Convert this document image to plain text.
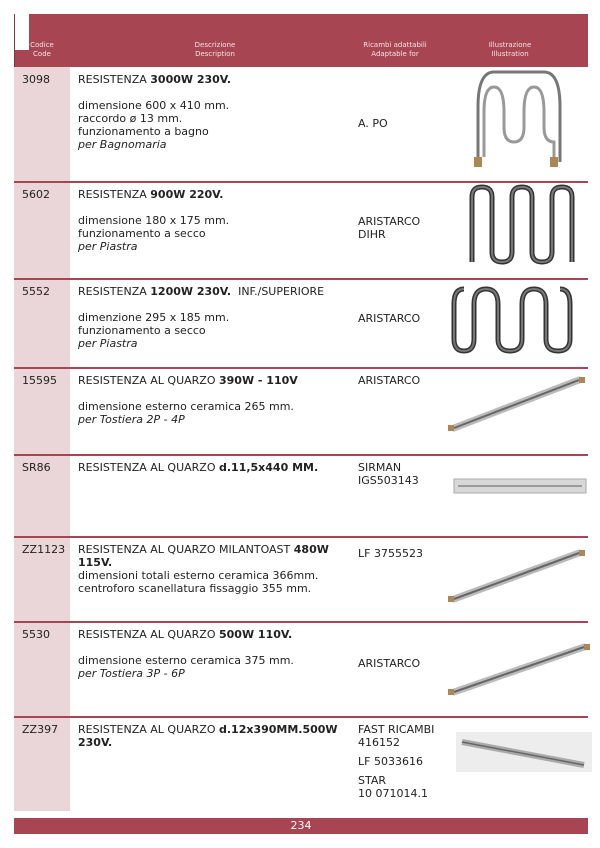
Codice
Code
Descrizione
Description
Ricambi adattabili
Adaptable for
Illustrazione
Illustration
3098	RESISTENZA 3000W 230V.
dimensione 600 x 410 mm.
raccordo ø 13 mm.
funzionamento a bagno
per Bagnomaria
A. PO
5602	RESISTENZA 900W 220V.
dimensione 180 x 175 mm.
funzionamento a secco
per Piastra
ARISTARCO
DIHR
5552	RESISTENZA 1200W 230V.  INF./SUPERIORE
dimenzione 295 x 185 mm.
funzionamento a secco
per Piastra
ARISTARCO
15595 RESISTENZA AL QUARZO 390W - 110V
dimensione esterno ceramica 265 mm.
per Tostiera 2P - 4P
ARISTARCO
SR86 RESISTENZA AL QUARZO d.11,5x440 MM.	SIRMAN
IGS503143
ZZ1123 RESISTENZA AL QUARZO MILANTOAST 480W 115V.
dimensioni totali esterno ceramica 366mm.
centroforo scanellatura fissaggio 355 mm.
LF 3755523
5530	RESISTENZA AL QUARZO 500W 110V.
dimensione esterno ceramica 375 mm.
per Tostiera 3P - 6P
ARISTARCO
ZZ397 RESISTENZA AL QUARZO d.12x390MM.500W 230V.
FAST RICAMBI
416152
LF 5033616
STAR
10 071014.1
234
